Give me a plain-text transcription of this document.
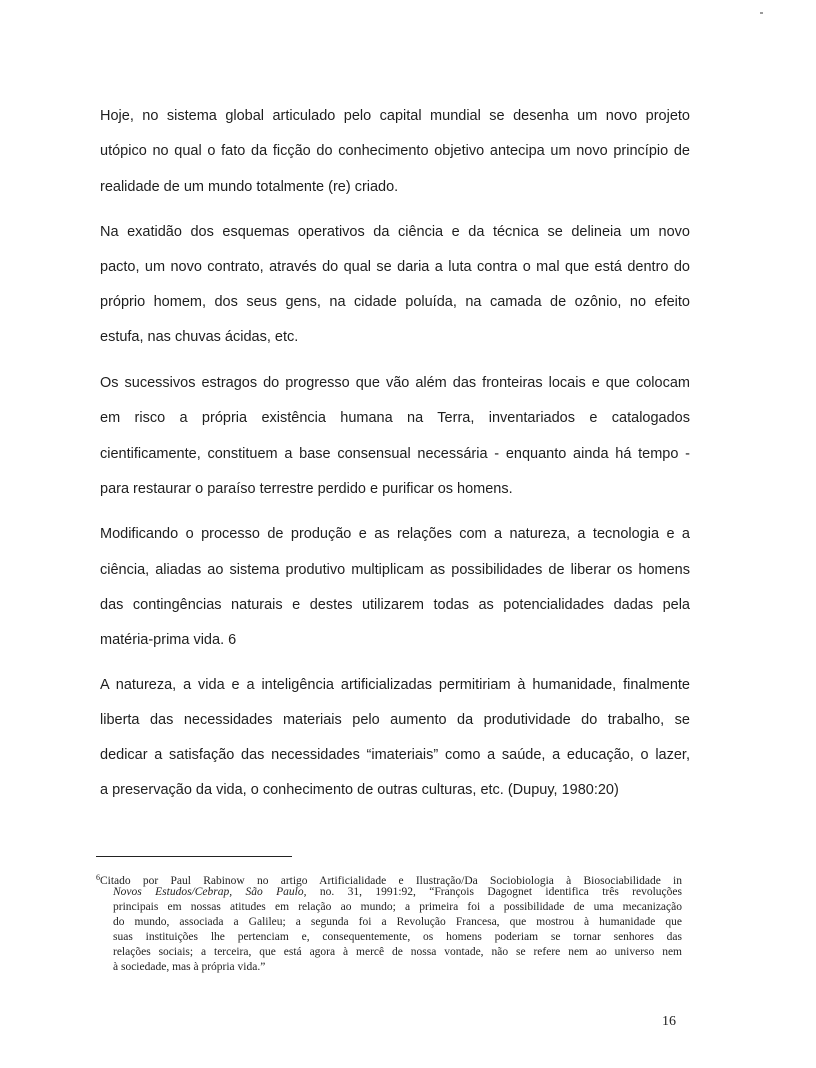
Hoje, no sistema global articulado pelo capital mundial se desenha um novo projeto
utópico no qual o fato da ficção do conhecimento objetivo antecipa um novo princípio de
realidade de um mundo totalmente (re) criado.
Na exatidão dos esquemas operativos da ciência e da técnica se delineia um novo
pacto, um novo contrato, através do qual se daria a luta contra o mal que está dentro do
próprio homem, dos seus gens, na cidade poluída, na camada de ozônio, no efeito
estufa, nas chuvas ácidas, etc.
Os sucessivos estragos do progresso que vão além das fronteiras locais e que colocam
em risco a própria existência humana na Terra, inventariados e catalogados
cientificamente, constituem a base consensual necessária - enquanto ainda há tempo -
para restaurar o paraíso terrestre perdido e purificar os homens.
Modificando o processo de produção e as relações com a natureza, a tecnologia e a
ciência, aliadas ao sistema produtivo multiplicam as possibilidades de liberar os homens
das contingências naturais e destes utilizarem todas as potencialidades dadas pela
matéria-prima vida. 6
A natureza, a vida e a inteligência artificializadas permitiriam à humanidade, finalmente
liberta das necessidades materiais pelo aumento da produtividade do trabalho, se
dedicar a satisfação das necessidades “imateriais” como a saúde, a educação, o lazer,
a preservação da vida, o conhecimento de outras culturas, etc. (Dupuy, 1980:20)
$^6$Citado por Paul Rabinow no artigo Artificialidade e Ilustração/Da Sociobiologia à Biosociabilidade in
Novos Estudos/Cebrap, São Paulo, no. 31, 1991:92, “François Dagognet identifica três revoluções
principais em nossas atitudes em relação ao mundo; a primeira foi a possibilidade de uma mecanização
do mundo, associada a Galileu; a segunda foi a Revolução Francesa, que mostrou à humanidade que
suas instituições lhe pertenciam e, consequentemente, os homens poderiam se tornar senhores das
relações sociais; a terceira, que está agora à mercê de nossa vontade, não se refere nem ao universo nem
à sociedade, mas à própria vida.”
16
